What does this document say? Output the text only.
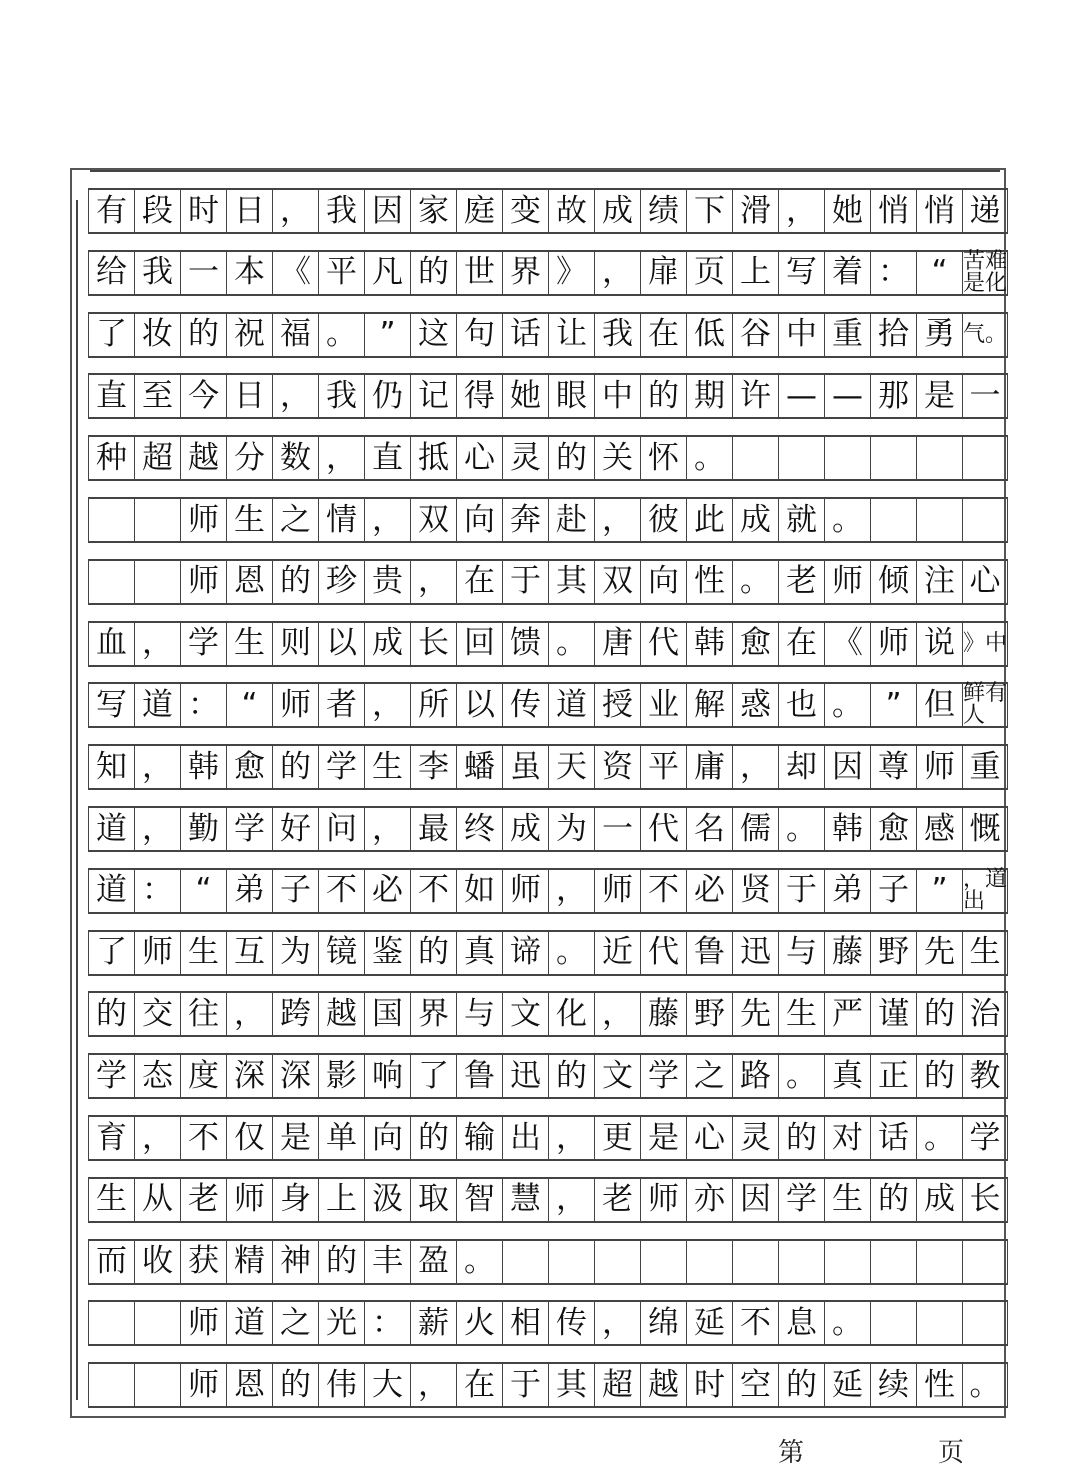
有 段 时 日 ， 我 因 家 庭 变 故 成 绩 下 滑 ， 她 悄 悄 递
给 我 一 本 《 平 凡 的 世 界 》 ， 扉 页 上 写 着 ： “ 苦难是化
了 妆 的 祝 福 。 ” 这 句 话 让 我 在 低 谷 中 重 拾 勇 气。
直 至 今 日 ， 我 仍 记 得 她 眼 中 的 期 许 — — 那 是 一
种 超 越 分 数 ， 直 抵 心 灵 的 关 怀 。
师 生 之 情 ， 双 向 奔 赴 ， 彼 此 成 就 。
师 恩 的 珍 贵 ， 在 于 其 双 向 性 。 老 师 倾 注 心
血 ， 学 生 则 以 成 长 回 馈 。 唐 代 韩 愈 在 《 师 说 》中
写 道 ： “ 师 者 ， 所 以 传 道 授 业 解 惑 也 。 ” 但 鲜有人
知 ， 韩 愈 的 学 生 李 蟠 虽 天 资 平 庸 ， 却 因 尊 师 重
道 ， 勤 学 好 问 ， 最 终 成 为 一 代 名 儒 。 韩 愈 感 慨
道 ： “ 弟 子 不 必 不 如 师 ， 师 不 必 贤 于 弟 子 ” ，道出
了 师 生 互 为 镜 鉴 的 真 谛 。 近 代 鲁 迅 与 藤 野 先 生
的 交 往 ， 跨 越 国 界 与 文 化 ， 藤 野 先 生 严 谨 的 治
学 态 度 深 深 影 响 了 鲁 迅 的 文 学 之 路 。 真 正 的 教
育 ， 不 仅 是 单 向 的 输 出 ， 更 是 心 灵 的 对 话 。 学
生 从 老 师 身 上 汲 取 智 慧 ， 老 师 亦 因 学 生 的 成 长
而 收 获 精 神 的 丰 盈 。
师 道 之 光 ： 薪 火 相 传 ， 绵 延 不 息 。
师 恩 的 伟 大 ， 在 于 其 超 越 时 空 的 延 续 性 。
第	页
